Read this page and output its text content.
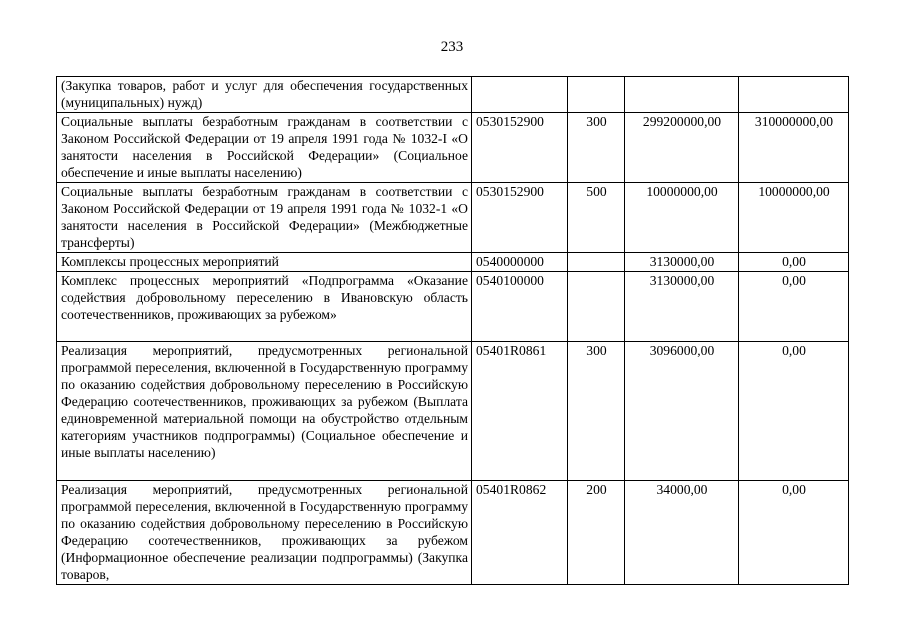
233
(Закупка товаров, работ и услуг для обеспечения государственных (муниципальных) нужд)				
Социальные выплаты безработным гражданам в соответствии с Законом Российской Федерации от 19 апреля 1991 года № 1032-I «О занятости населения в Российской Федерации» (Социальное обеспечение и иные выплаты населению)	0530152900	300	299200000,00	310000000,00
Социальные выплаты безработным гражданам в соответствии с Законом Российской Федерации от 19 апреля 1991 года № 1032-1 «О занятости населения в Российской Федерации» (Межбюджетные трансферты)	0530152900	500	10000000,00	10000000,00
Комплексы процессных мероприятий	0540000000		3130000,00	0,00
Комплекс процессных мероприятий «Подпрограмма «Оказание содействия добровольному переселению в Ивановскую область соотечественников, проживающих за рубежом»	0540100000		3130000,00	0,00
Реализация мероприятий, предусмотренных региональной программой переселения, включенной в Государственную программу по оказанию содействия добровольному переселению в Российскую Федерацию соотечественников, проживающих за рубежом (Выплата единовременной материальной помощи на обустройство отдельным категориям участников подпрограммы) (Социальное обеспечение и иные выплаты населению)	05401R0861	300	3096000,00	0,00
Реализация мероприятий, предусмотренных региональной программой переселения, включенной в Государственную программу по оказанию содействия добровольному переселению в Российскую Федерацию соотечественников, проживающих за рубежом (Информационное обеспечение реализации подпрограммы) (Закупка товаров,	05401R0862	200	34000,00	0,00
